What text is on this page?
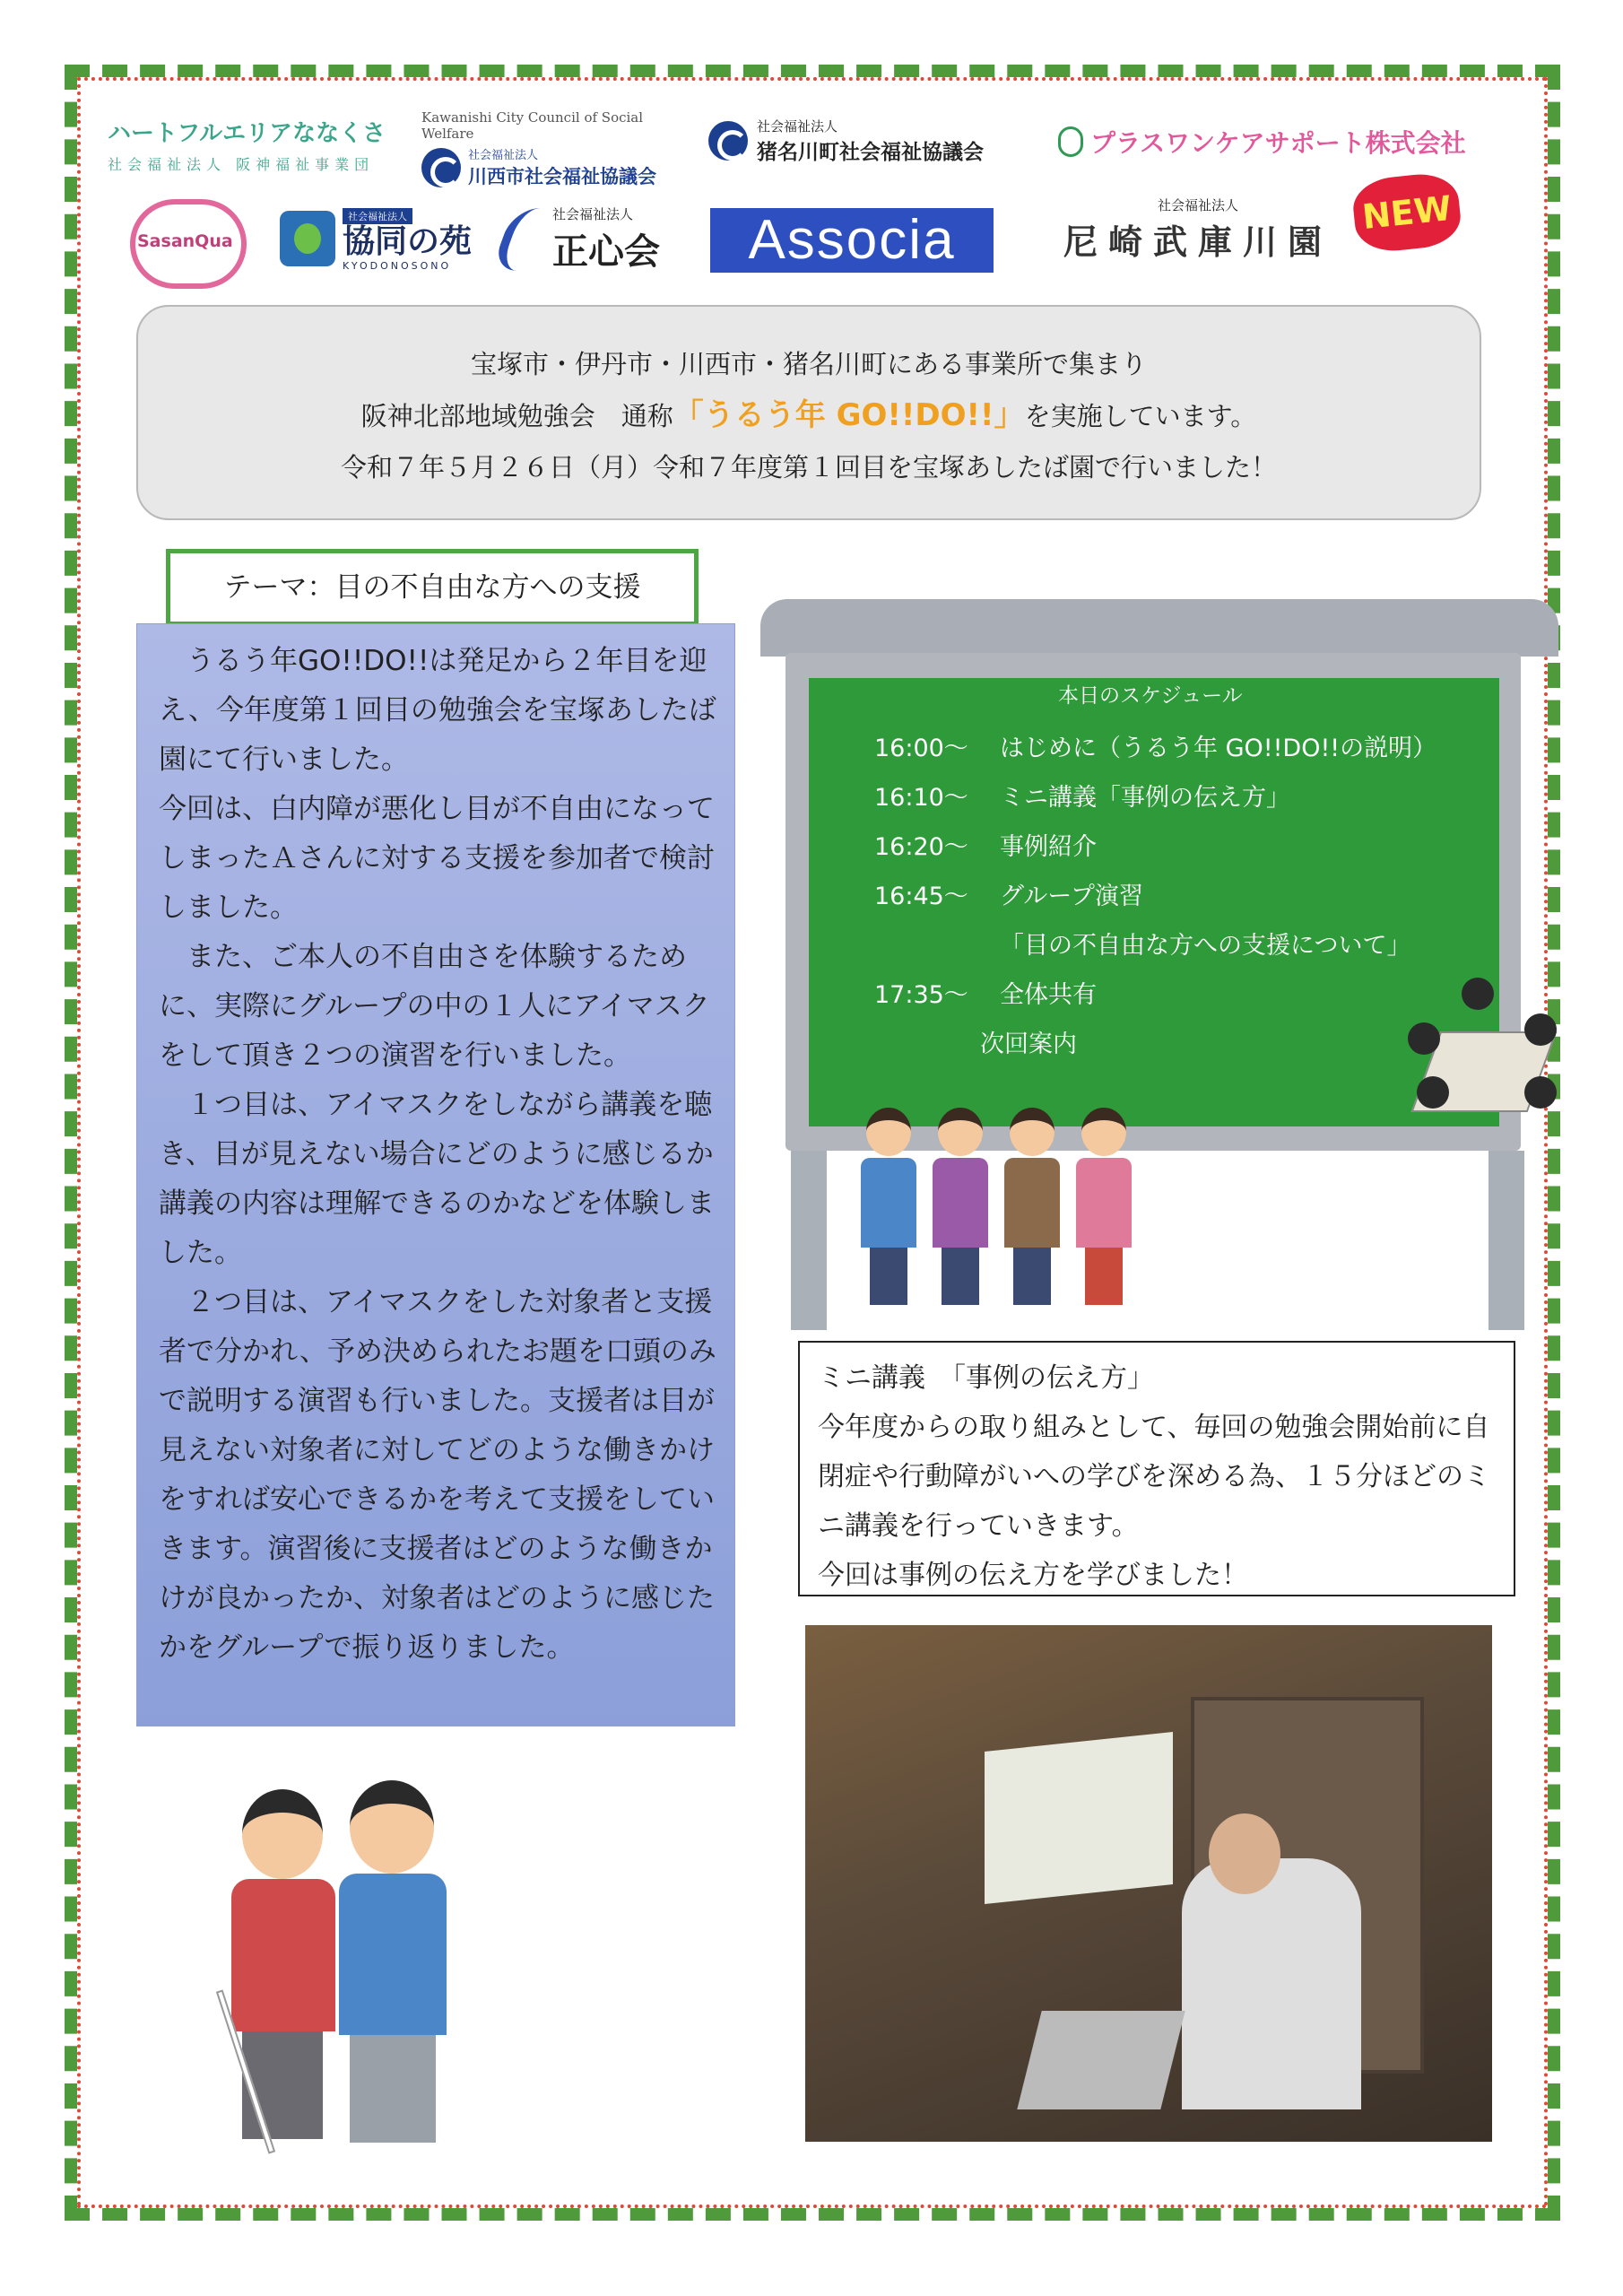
ハートフルエリアななくさ
社会福祉法人 阪神福祉事業団
Kawanishi City Council of Social Welfare
社会福祉法人
川西市社会福祉協議会
社会福祉法人
猪名川町社会福祉協議会	プラスワンケアサポート株式会社
SasanQua
社会福祉法人
協同の苑
KYODONOSONO
社会福祉法人
正心会	Associa
社会福祉法人
尼崎武庫川園
NEW

宝塚市・伊丹市・川西市・猪名川町にある事業所で集まり

阪神北部地域勉強会　通称「うるう年 GO!!DO!!」を実施しています。

令和７年５月２６日（月）令和７年度第１回目を宝塚あしたば園で行いました！

テーマ：目の不自由な方への支援

　うるう年GO!!DO!!は発足から２年目を迎え、今年度第１回目の勉強会を宝塚あしたば園にて行いました。

今回は、白内障が悪化し目が不自由になってしまったＡさんに対する支援を参加者で検討しました。

　また、ご本人の不自由さを体験するために、実際にグループの中の１人にアイマスクをして頂き２つの演習を行いました。

　１つ目は、アイマスクをしながら講義を聴き、目が見えない場合にどのように感じるか講義の内容は理解できるのかなどを体験しました。

　２つ目は、アイマスクをした対象者と支援者で分かれ、予め決められたお題を口頭のみで説明する演習も行いました。支援者は目が見えない対象者に対してどのような働きかけをすれば安心できるかを考えて支援をしていきます。演習後に支援者はどのような働きかけが良かったか、対象者はどのように感じたかをグループで振り返りました。

本日のスケジュール
16:00～ はじめに（うるう年 GO!!DO!!の説明）
16:10～ ミニ講義「事例の伝え方」
16:20～ 事例紹介
16:45～ グループ演習
「目の不自由な方への支援について」
17:35～ 全体共有
次回案内

ミニ講義　「事例の伝え方」

今年度からの取り組みとして、毎回の勉強会開始前に自閉症や行動障がいへの学びを深める為、１５分ほどのミニ講義を行っていきます。

今回は事例の伝え方を学びました！
